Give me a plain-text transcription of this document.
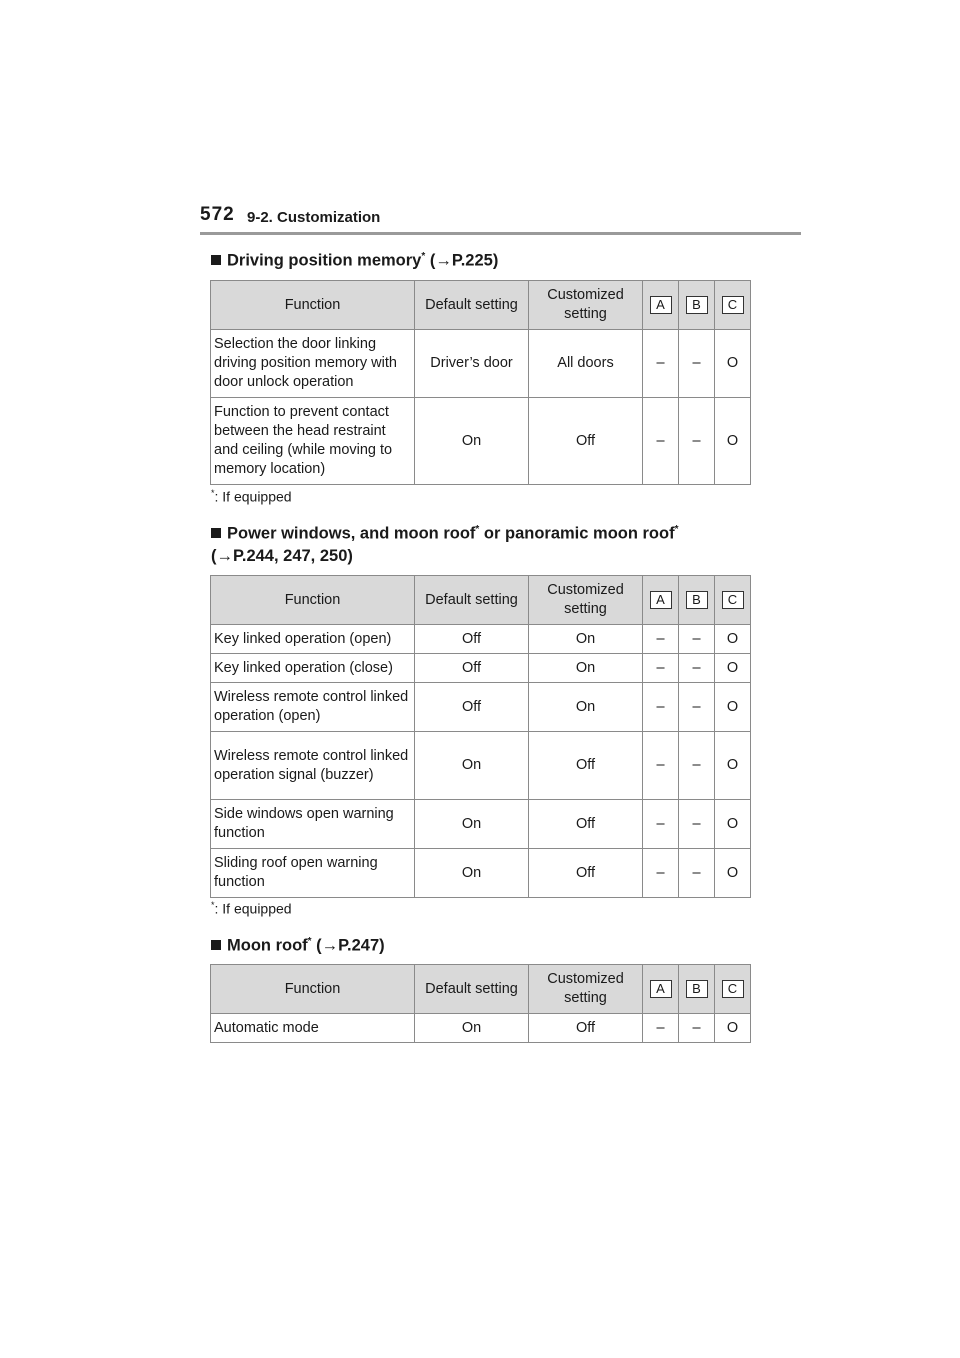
572 9-2. Customization
Driving position memory* (→P.225)
Function	Default setting	Customized setting	A	B	C
Selection the door linking driving position memory with door unlock operation	Driver’s door	All doors	–	–	O
Function to prevent contact between the head restraint and ceiling (while moving to memory location)	On	Off	–	–	O
*: If equipped
Power windows, and moon roof* or panoramic moon roof*
(→P.244, 247, 250)
Function	Default setting	Customized setting	A	B	C
Key linked operation (open)	Off	On	–	–	O
Key linked operation (close)	Off	On	–	–	O
Wireless remote control linked operation (open)	Off	On	–	–	O
Wireless remote control linked operation signal (buzzer)	On	Off	–	–	O
Side windows open warning function	On	Off	–	–	O
Sliding roof open warning function	On	Off	–	–	O
*: If equipped
Moon roof* (→P.247)
Function	Default setting	Customized setting	A	B	C
Automatic mode	On	Off	–	–	O
